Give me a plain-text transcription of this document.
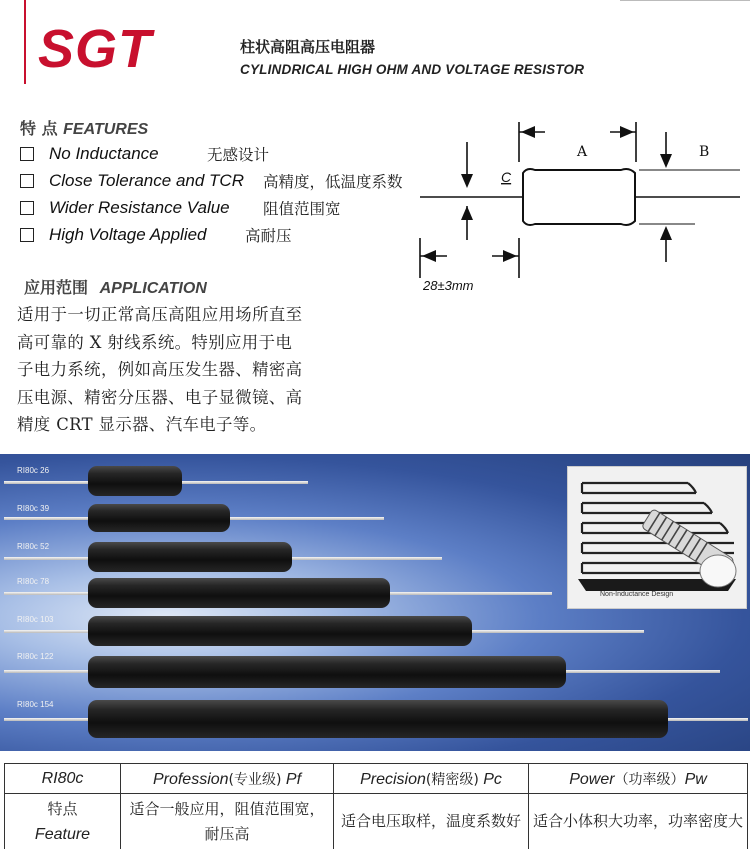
SGT	柱状高阻高压电阻器
CYLINDRICAL HIGH OHM AND VOLTAGE RESISTOR
特 点 FEATURES
No Inductance	无感设计
Close Tolerance and TCR	高精度，低温度系数
Wider Resistance Value	阻值范围宽
High Voltage Applied	高耐压
A	B
C
28±3mm
应用范围 APPLICATION
适用于一切正常高压高阻应用场所直至
高可靠的 X 射线系统。特别应用于电
子电力系统，例如高压发生器、精密高
压电源、精密分压器、电子显微镜、高
精度 CRT 显示器、汽车电子等。
RI80c 26
RI80c 39
RI80c 52
RI80c 78
RI80c 103
RI80c 122
RI80c 154
Non-Inductance Design
RI80c	Profession(专业级) Pf	Precision(精密级) Pc	Power（功率级）Pw

特点
Feature	适合一般应用，阻值范围宽，耐压高	适合电压取样，温度系数好	适合小体积大功率，功率密度大
